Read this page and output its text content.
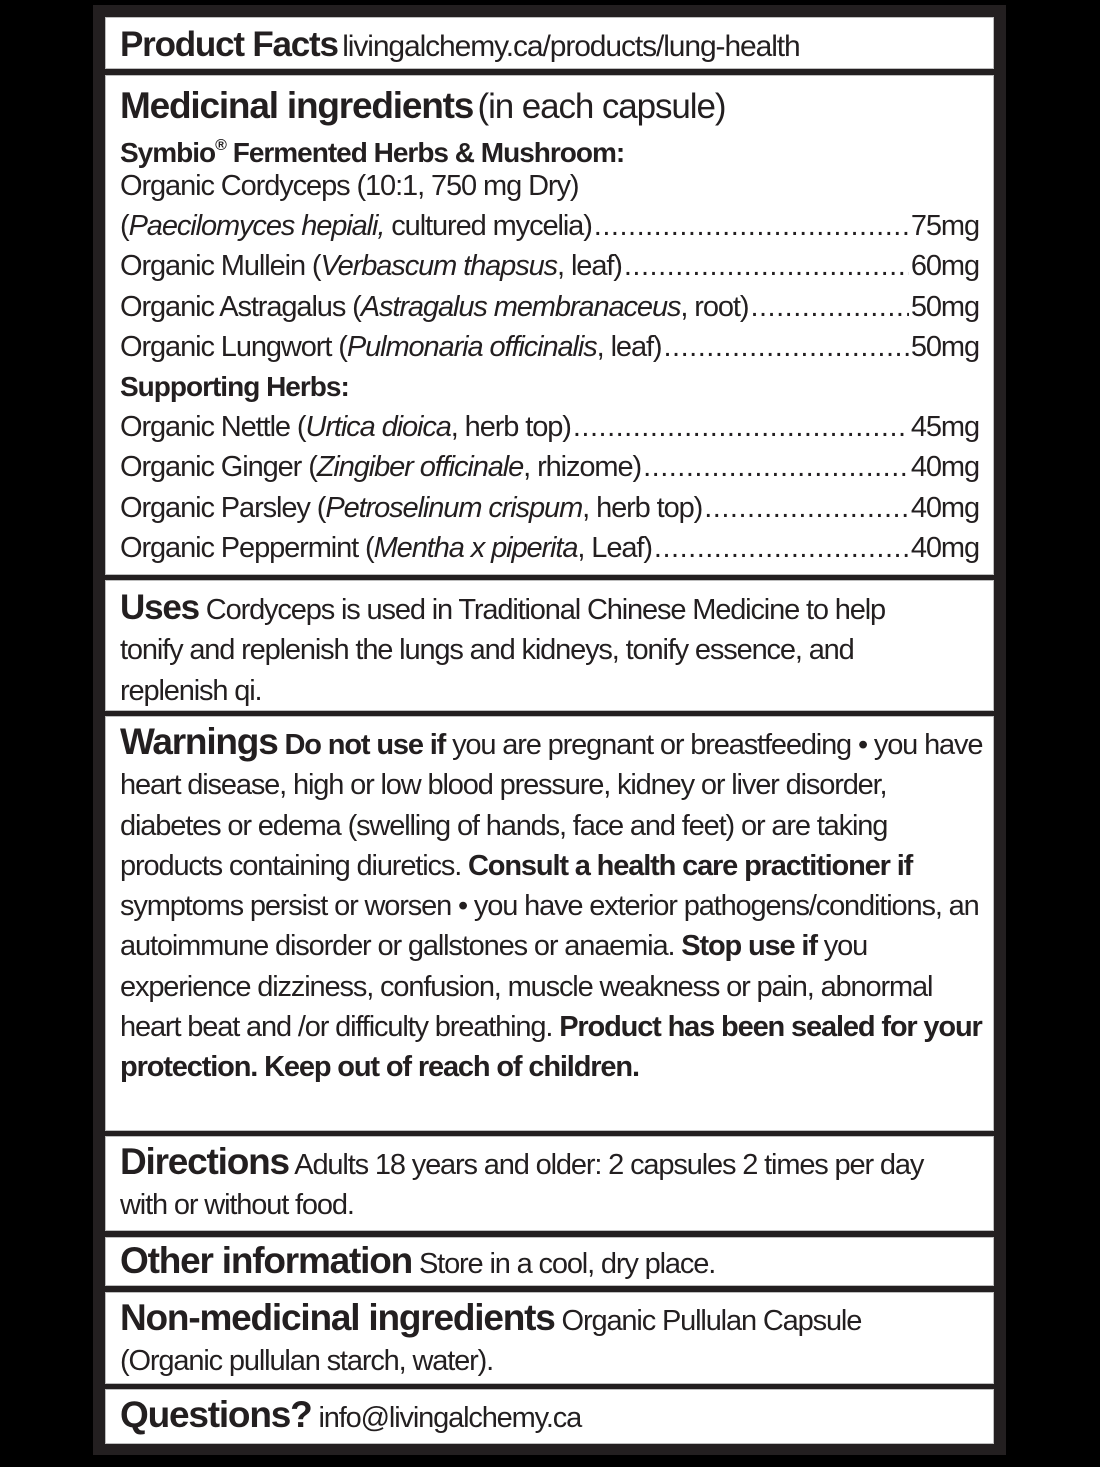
Product Facts livingalchemy.ca/products/lung-health
Medicinal ingredients (in each capsule)
Symbio® Fermented Herbs & Mushroom:
Organic Cordyceps (10:1, 750 mg Dry)
(Paecilomyces hepiali, cultured mycelia) .....	75mg
Organic Mullein (Verbascum thapsus, leaf) .....	60mg
Organic Astragalus (Astragalus membranaceus, root) .....	50mg
Organic Lungwort (Pulmonaria officinalis, leaf) .....	50mg
Supporting Herbs:
Organic Nettle (Urtica dioica, herb top) .....	45mg
Organic Ginger (Zingiber officinale, rhizome) .....	40mg
Organic Parsley (Petroselinum crispum, herb top) .....	40mg
Organic Peppermint (Mentha x piperita, Leaf) .....	40mg
Uses Cordyceps is used in Traditional Chinese Medicine to help tonify and replenish the lungs and kidneys, tonify essence, and replenish qi.
Warnings Do not use if you are pregnant or breastfeeding • you have heart disease, high or low blood pressure, kidney or liver disorder, diabetes or edema (swelling of hands, face and feet) or are taking products containing diuretics. Consult a health care practitioner if symptoms persist or worsen • you have exterior pathogens/conditions, an autoimmune disorder or gallstones or anaemia. Stop use if you experience dizziness, confusion, muscle weakness or pain, abnormal heart beat and /or difficulty breathing. Product has been sealed for your protection. Keep out of reach of children.
Directions Adults 18 years and older: 2 capsules 2 times per day with or without food.
Other information Store in a cool, dry place.
Non-medicinal ingredients Organic Pullulan Capsule (Organic pullulan starch, water).
Questions? info@livingalchemy.ca
